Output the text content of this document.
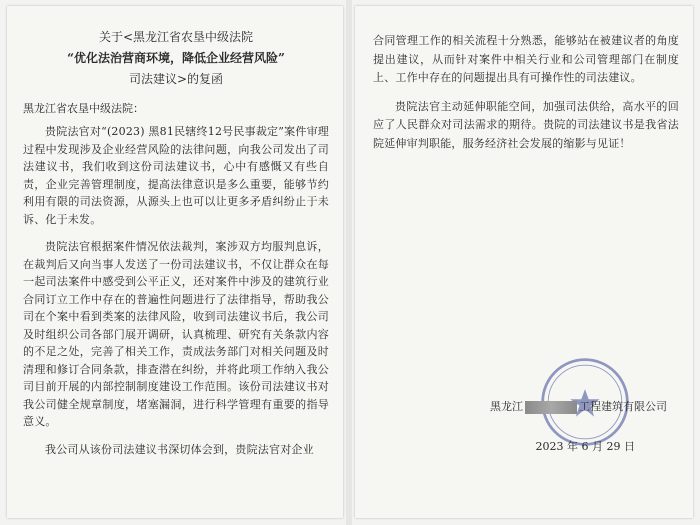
关于<黑龙江省农垦中级法院

“优化法治营商环境，降低企业经营风险”

司法建议>的复函

黑龙江省农垦中级法院：

贵院法官对“(2023) 黑81民辖终12号民事裁定”案件审理过程中发现涉及企业经营风险的法律问题，向我公司发出了司法建议书，我们收到这份司法建议书，心中有感慨又有些自责，企业完善管理制度，提高法律意识是多么重要，能够节约利用有限的司法资源，从源头上也可以让更多矛盾纠纷止于未诉、化于未发。

贵院法官根据案件情况依法裁判，案涉双方均服判息诉，在裁判后又向当事人发送了一份司法建议书，不仅让群众在每一起司法案件中感受到公平正义，还对案件中涉及的建筑行业合同订立工作中存在的普遍性问题进行了法律指导，帮助我公司在个案中看到类案的法律风险，收到司法建议书后，我公司及时组织公司各部门展开调研，认真梳理、研究有关条款内容的不足之处，完善了相关工作，责成法务部门对相关问题及时清理和修订合同条款，排查潜在纠纷，并将此项工作纳入我公司目前开展的内部控制制度建设工作范围。该份司法建议书对我公司健全规章制度，堵塞漏洞，进行科学管理有重要的指导意义。

我公司从该份司法建议书深切体会到，贵院法官对企业

合同管理工作的相关流程十分熟悉，能够站在被建议者的角度提出建议，从而针对案件中相关行业和公司管理部门在制度上、工作中存在的问题提出具有可操作性的司法建议。

贵院法官主动延伸职能空间，加强司法供给，高水平的回应了人民群众对司法需求的期待。贵院的司法建议书是我省法院延伸审判职能，服务经济社会发展的缩影与见证！

黑龙江	工程建筑有限公司
2023 年 6 月 29 日
